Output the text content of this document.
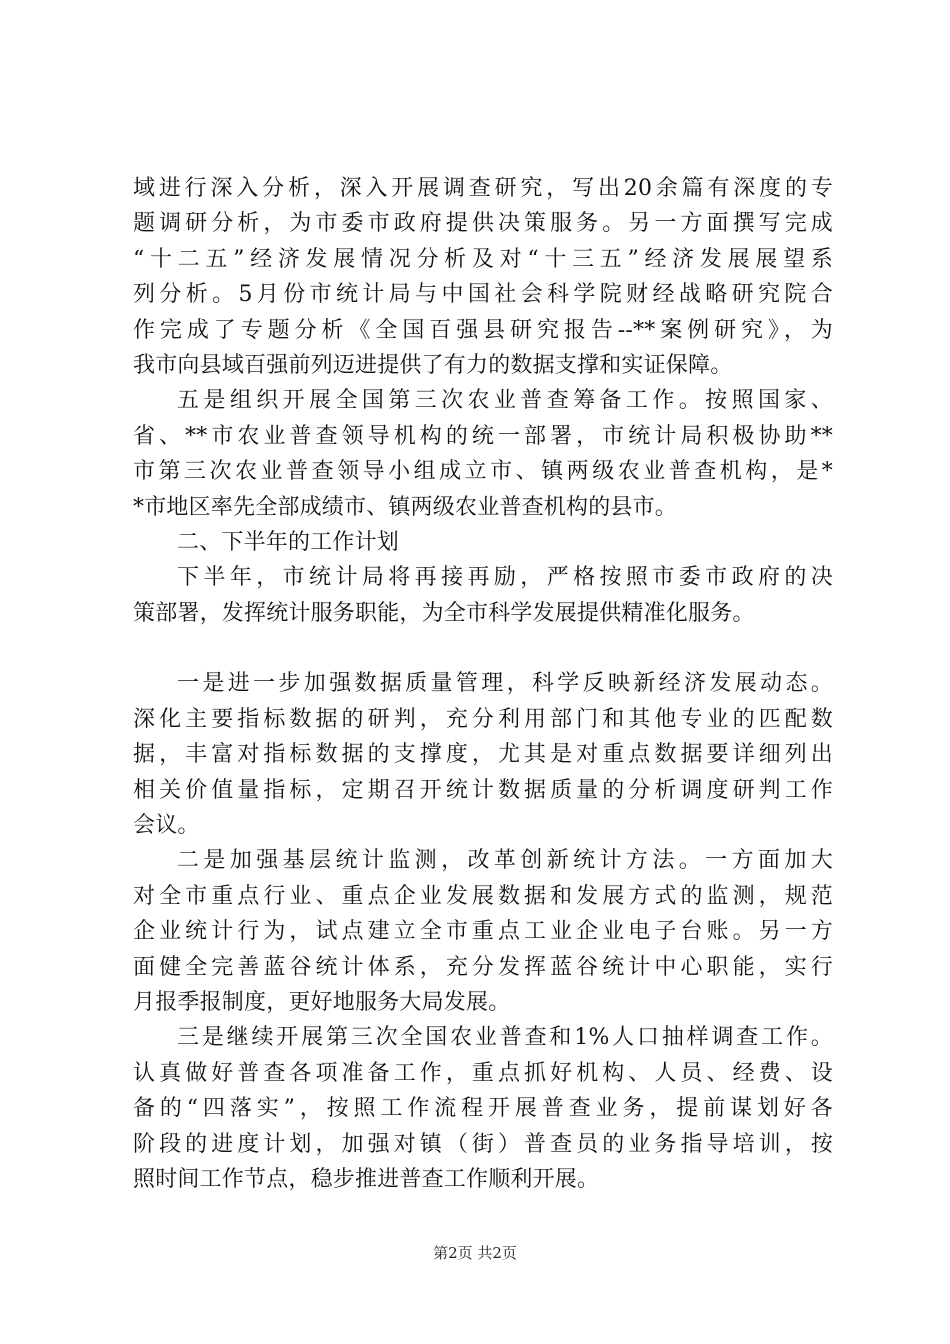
域进行深入分析，深入开展调查研究，写出20余篇有深度的专
题调研分析，为市委市政府提供决策服务。另一方面撰写完成
“十二五”经济发展情况分析及对“十三五”经济发展展望系
列分析。5月份市统计局与中国社会科学院财经战略研究院合
作完成了专题分析《全国百强县研究报告--**案例研究》，为
我市向县域百强前列迈进提供了有力的数据支撑和实证保障。
五是组织开展全国第三次农业普查筹备工作。按照国家、
省、**市农业普查领导机构的统一部署，市统计局积极协助**
市第三次农业普查领导小组成立市、镇两级农业普查机构，是*
*市地区率先全部成绩市、镇两级农业普查机构的县市。
二、下半年的工作计划
下半年，市统计局将再接再励，严格按照市委市政府的决
策部署，发挥统计服务职能，为全市科学发展提供精准化服务。
一是进一步加强数据质量管理，科学反映新经济发展动态。
深化主要指标数据的研判，充分利用部门和其他专业的匹配数
据，丰富对指标数据的支撑度，尤其是对重点数据要详细列出
相关价值量指标，定期召开统计数据质量的分析调度研判工作
会议。
二是加强基层统计监测，改革创新统计方法。一方面加大
对全市重点行业、重点企业发展数据和发展方式的监测，规范
企业统计行为，试点建立全市重点工业企业电子台账。另一方
面健全完善蓝谷统计体系，充分发挥蓝谷统计中心职能，实行
月报季报制度，更好地服务大局发展。
三是继续开展第三次全国农业普查和1%人口抽样调查工作。
认真做好普查各项准备工作，重点抓好机构、人员、经费、设
备的“四落实”，按照工作流程开展普查业务，提前谋划好各
阶段的进度计划，加强对镇（街）普查员的业务指导培训，按
照时间工作节点，稳步推进普查工作顺利开展。
第2页 共2页
